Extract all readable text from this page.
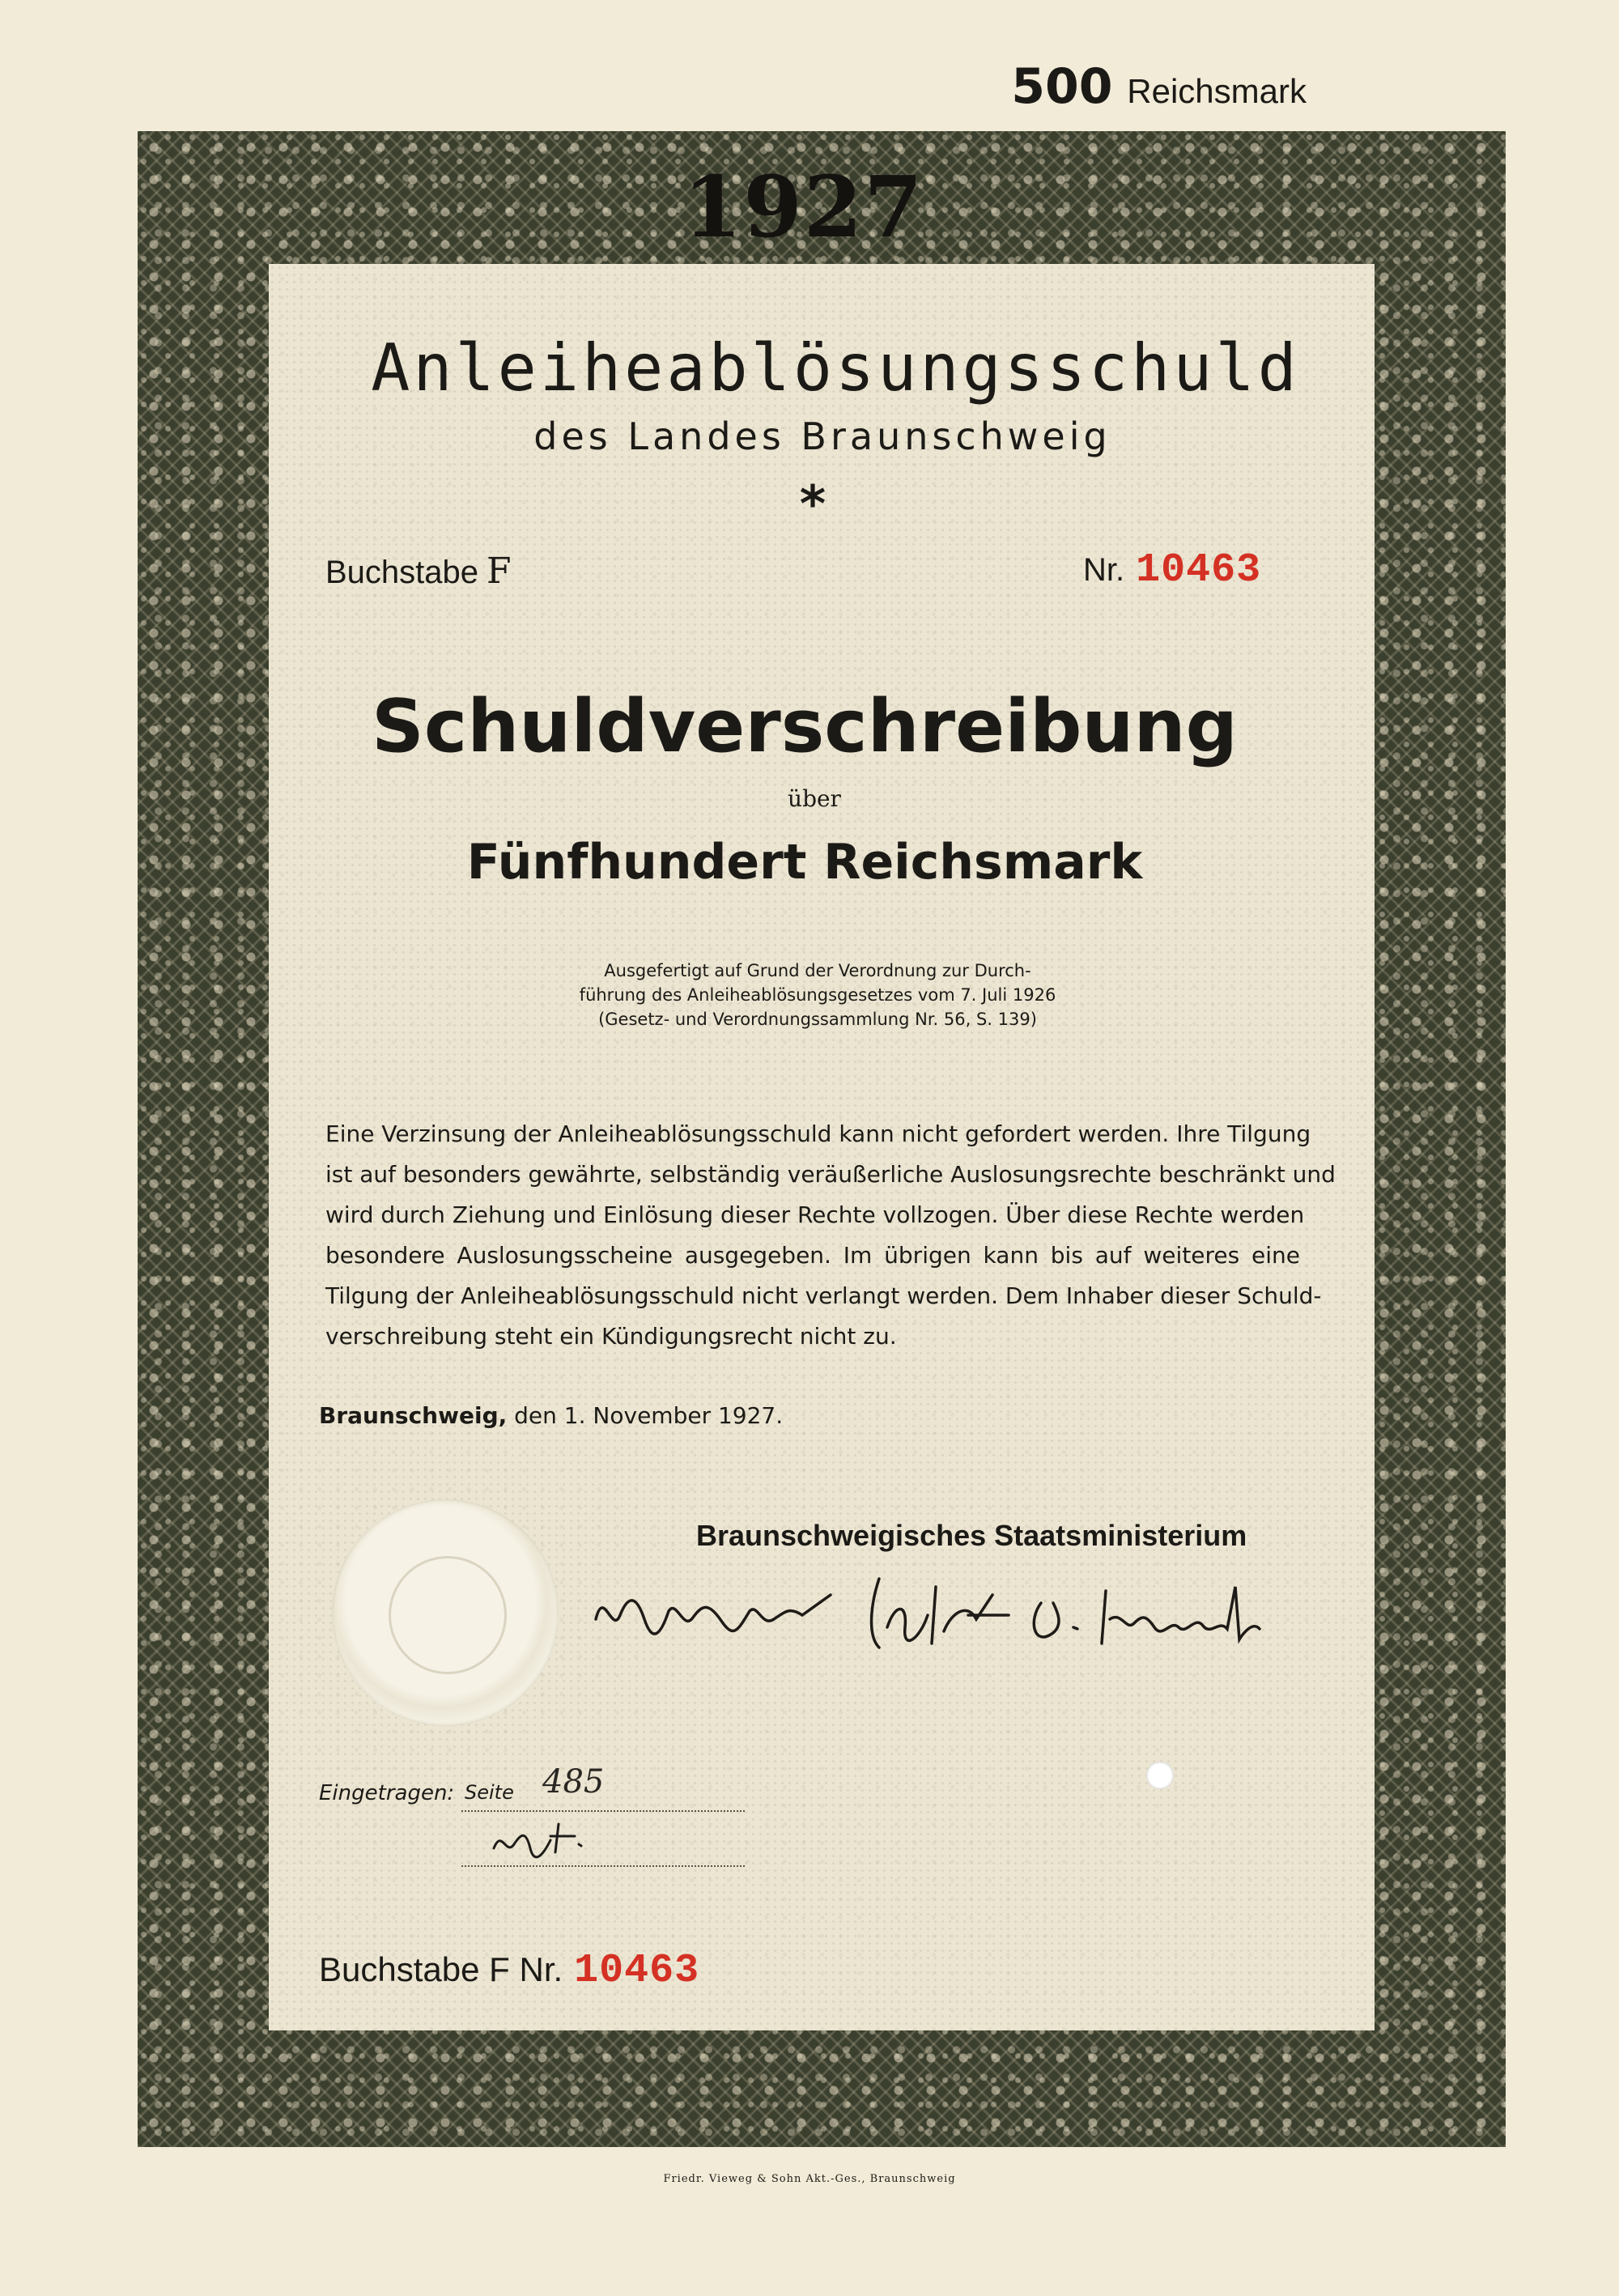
500 Reichsmark
1927
Anleiheablösungsschuld
des Landes Braunschweig
*
Buchstabe F	Nr. 10463
Schuldverschreibung
über
Fünfhundert Reichsmark
Ausgefertigt auf Grund der Verordnung zur Durch-
führung des Anleiheablösungsgesetzes vom 7. Juli 1926
(Gesetz- und Verordnungssammlung Nr. 56, S. 139)
Eine Verzinsung der Anleiheablösungsschuld kann nicht gefordert werden. Ihre Tilgung
ist auf besonders gewährte, selbständig veräußerliche Auslosungsrechte beschränkt und
wird durch Ziehung und Einlösung dieser Rechte vollzogen. Über diese Rechte werden
besondere Auslosungsscheine ausgegeben. Im übrigen kann bis auf weiteres eine
Tilgung der Anleiheablösungsschuld nicht verlangt werden. Dem Inhaber dieser Schuld-
verschreibung steht ein Kündigungsrecht nicht zu.
Braunschweig, den 1. November 1927.
Braunschweigisches Staatsministerium
Eingetragen: Seite 485
Buchstabe F Nr. 10463
Friedr. Vieweg & Sohn Akt.-Ges., Braunschweig
